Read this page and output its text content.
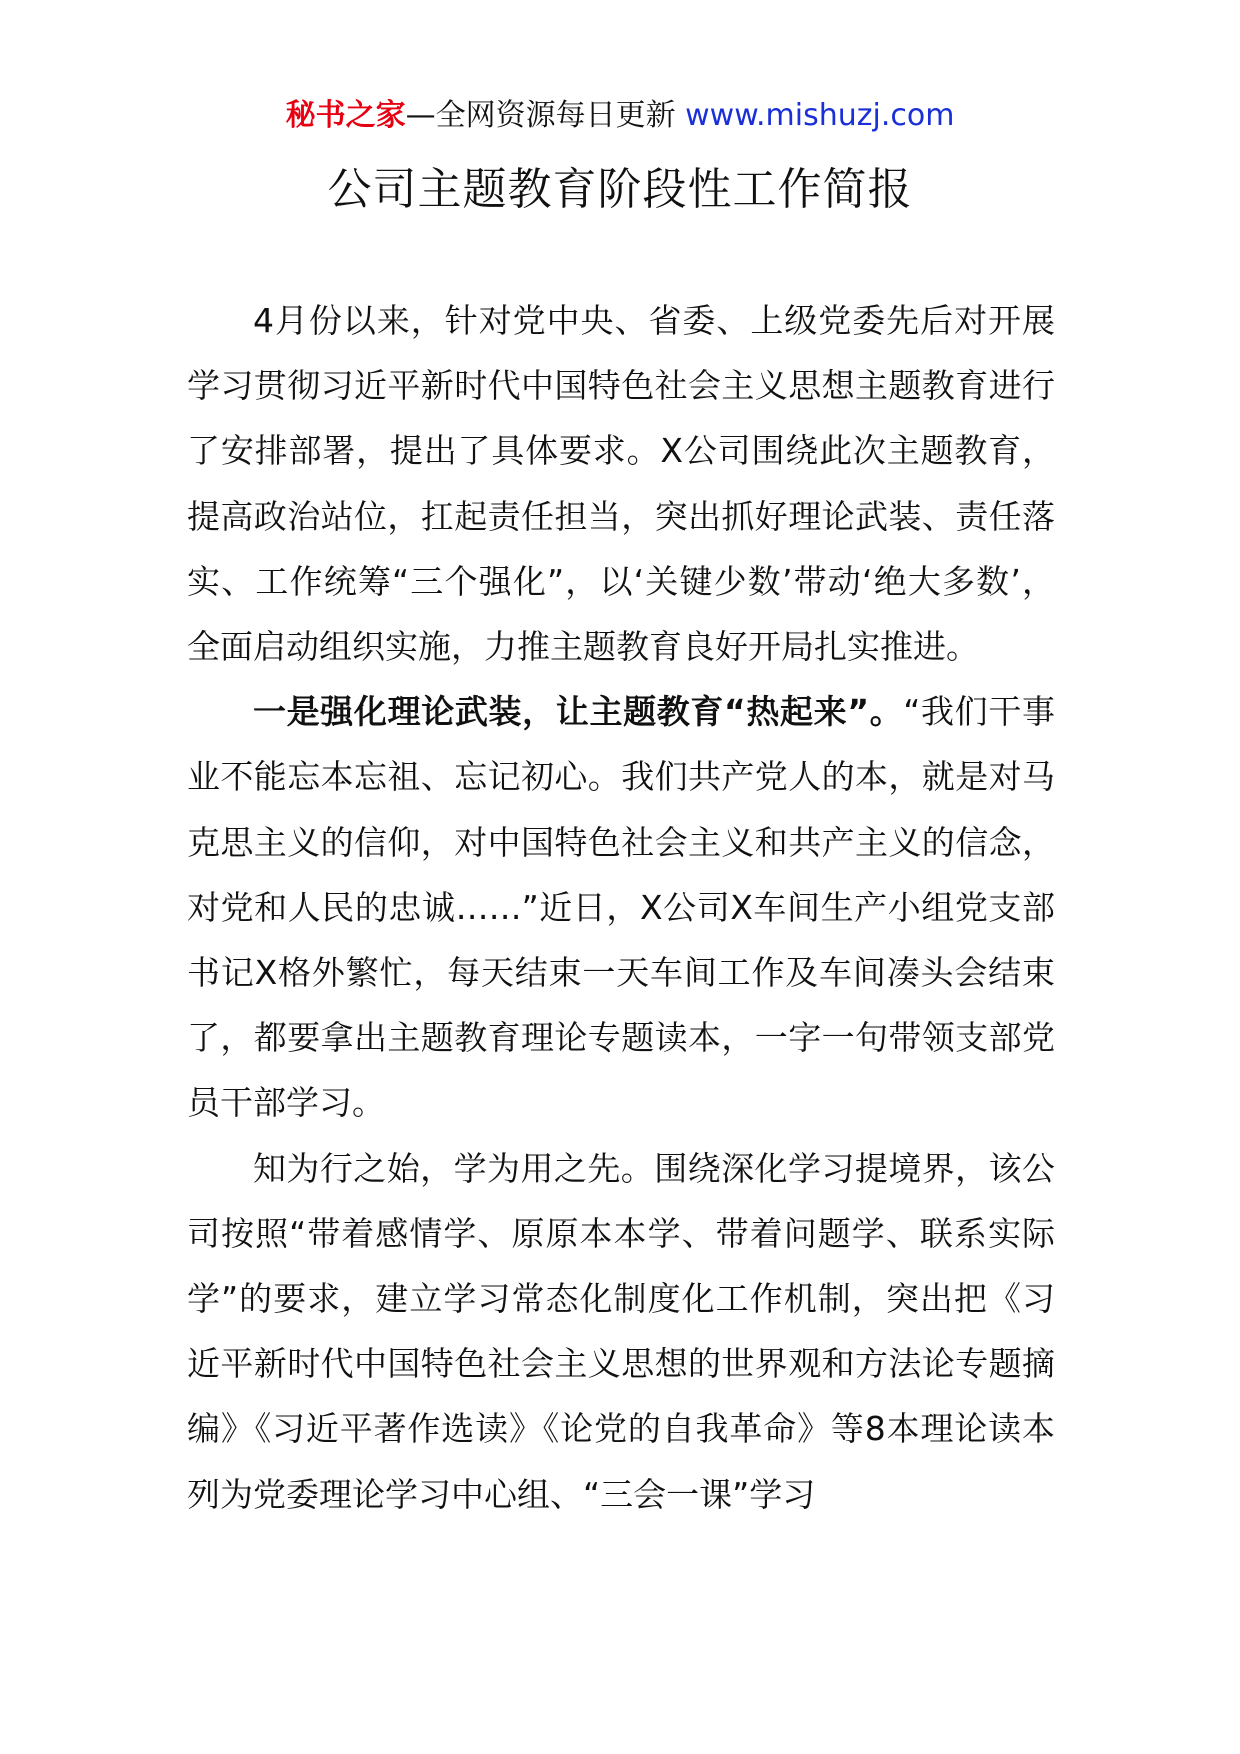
秘书之家—全网资源每日更新 www.mishuzj.com
公司主题教育阶段性工作简报

4月份以来，针对党中央、省委、上级党委先后对开展学习贯彻习近平新时代中国特色社会主义思想主题教育进行了安排部署，提出了具体要求。X公司围绕此次主题教育，提高政治站位，扛起责任担当，突出抓好理论武装、责任落实、工作统筹“三个强化”，以‘关键少数’带动‘绝大多数’，全面启动组织实施，力推主题教育良好开局扎实推进。

一是强化理论武装，让主题教育“热起来”。“我们干事业不能忘本忘祖、忘记初心。我们共产党人的本，就是对马克思主义的信仰，对中国特色社会主义和共产主义的信念，对党和人民的忠诚……”近日，X公司X车间生产小组党支部书记X格外繁忙，每天结束一天车间工作及车间凑头会结束了，都要拿出主题教育理论专题读本，一字一句带领支部党员干部学习。

知为行之始，学为用之先。围绕深化学习提境界，该公司按照“带着感情学、原原本本学、带着问题学、联系实际学”的要求，建立学习常态化制度化工作机制，突出把《习近平新时代中国特色社会主义思想的世界观和方法论专题摘编》《习近平著作选读》《论党的自我革命》等8本理论读本列为党委理论学习中心组、“三会一课”学习
